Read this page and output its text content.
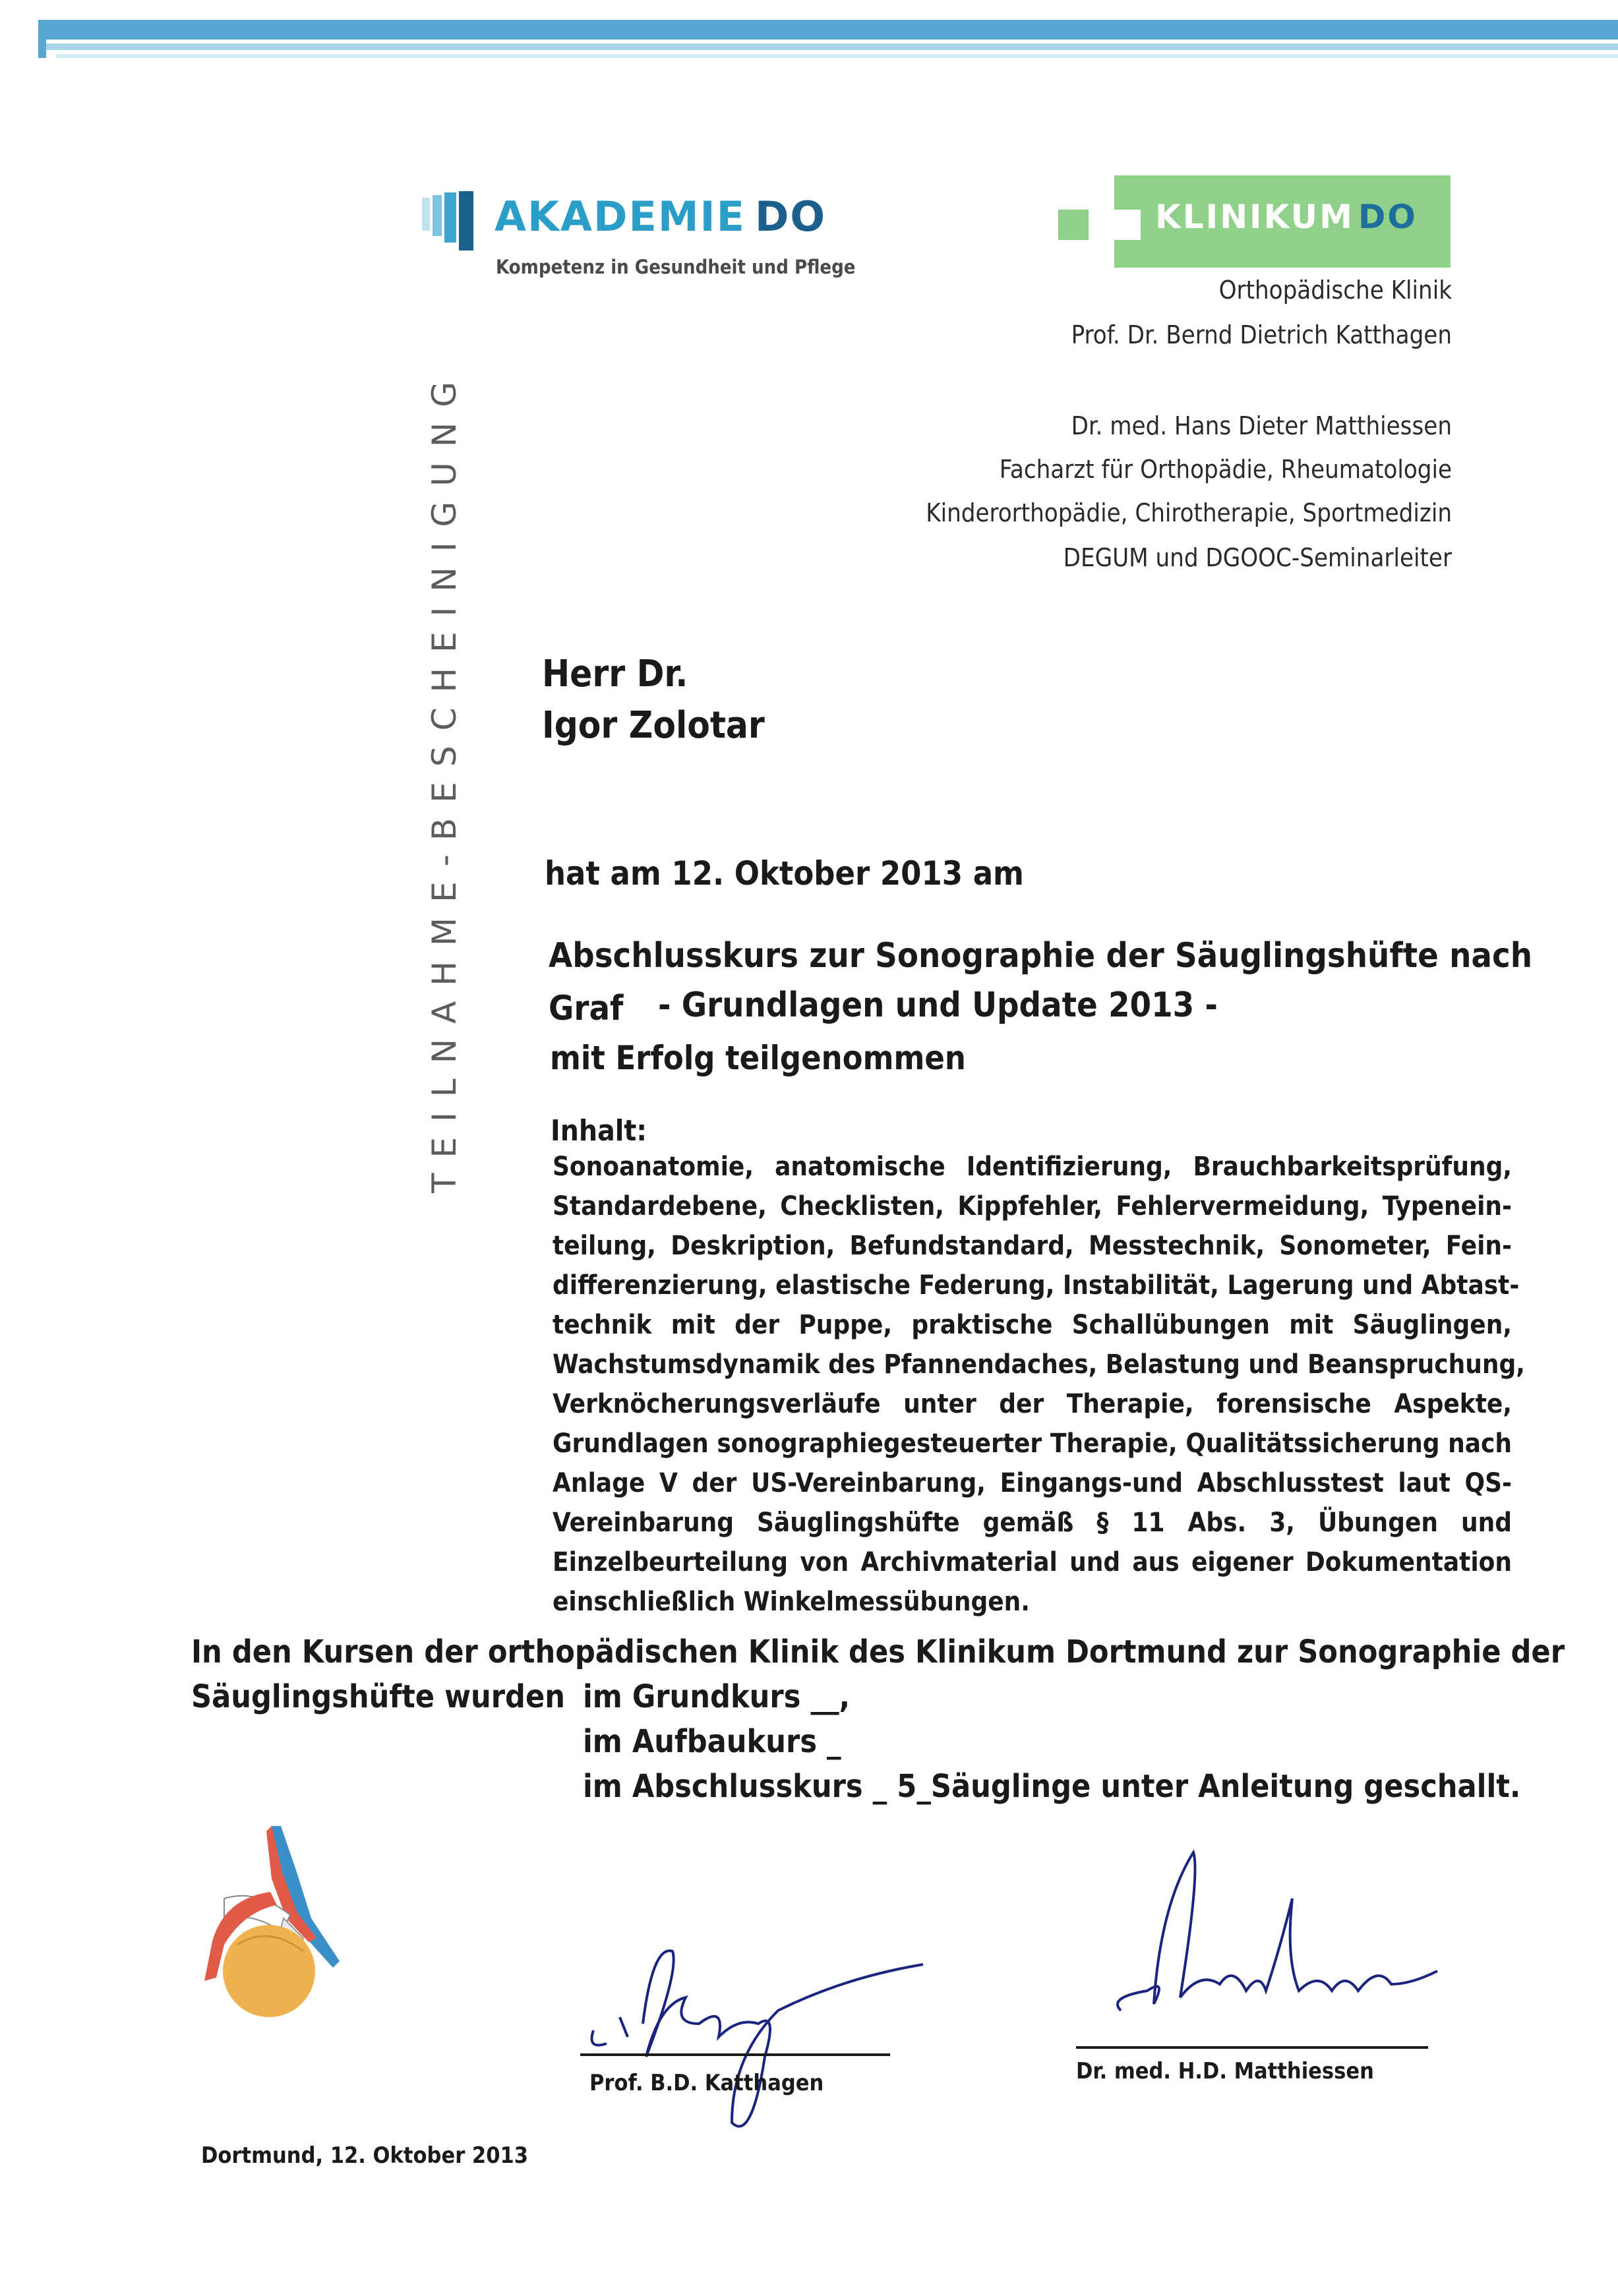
AKADEMIE DO
Kompetenz in Gesundheit und Pflege
KLINIKUM DO
Orthopädische Klinik
Prof. Dr. Bernd Dietrich Katthagen
Dr. med. Hans Dieter Matthiessen
Facharzt für Orthopädie, Rheumatologie
Kinderorthopädie, Chirotherapie, Sportmedizin
DEGUM und DGOOC-Seminarleiter
TEILNAHME-BESCHEINIGUNG Herr Dr.
Igor Zolotar
hat am 12. Oktober 2013 am
Abschlusskurs zur Sonographie der Säuglingshüfte nach
Graf - Grundlagen und Update 2013 -
mit Erfolg teilgenommen
Inhalt:
Sonoanatomie, anatomische Identifizierung, Brauchbarkeitsprüfung,
Standardebene, Checklisten, Kippfehler, Fehlervermeidung, Typenein-
teilung, Deskription, Befundstandard, Messtechnik, Sonometer, Fein-
differenzierung, elastische Federung, Instabilität, Lagerung und Abtast-
technik mit der Puppe, praktische Schallübungen mit Säuglingen,
Wachstumsdynamik des Pfannendaches, Belastung und Beanspruchung,
Verknöcherungsverläufe unter der Therapie, forensische Aspekte,
Grundlagen sonographiegesteuerter Therapie, Qualitätssicherung nach
Anlage V der US-Vereinbarung, Eingangs-und Abschlusstest laut QS-
Vereinbarung Säuglingshüfte gemäß § 11 Abs. 3, Übungen und
Einzelbeurteilung von Archivmaterial und aus eigener Dokumentation
einschließlich Winkelmessübungen.
In den Kursen der orthopädischen Klinik des Klinikum Dortmund zur Sonographie der
Säuglingshüfte wurden im Grundkurs __,
im Aufbaukurs _
im Abschlusskurs _ 5_Säuglinge unter Anleitung geschallt.
Prof. B.D. Katthagen	Dr. med. H.D. Matthiessen
Dortmund, 12. Oktober 2013
